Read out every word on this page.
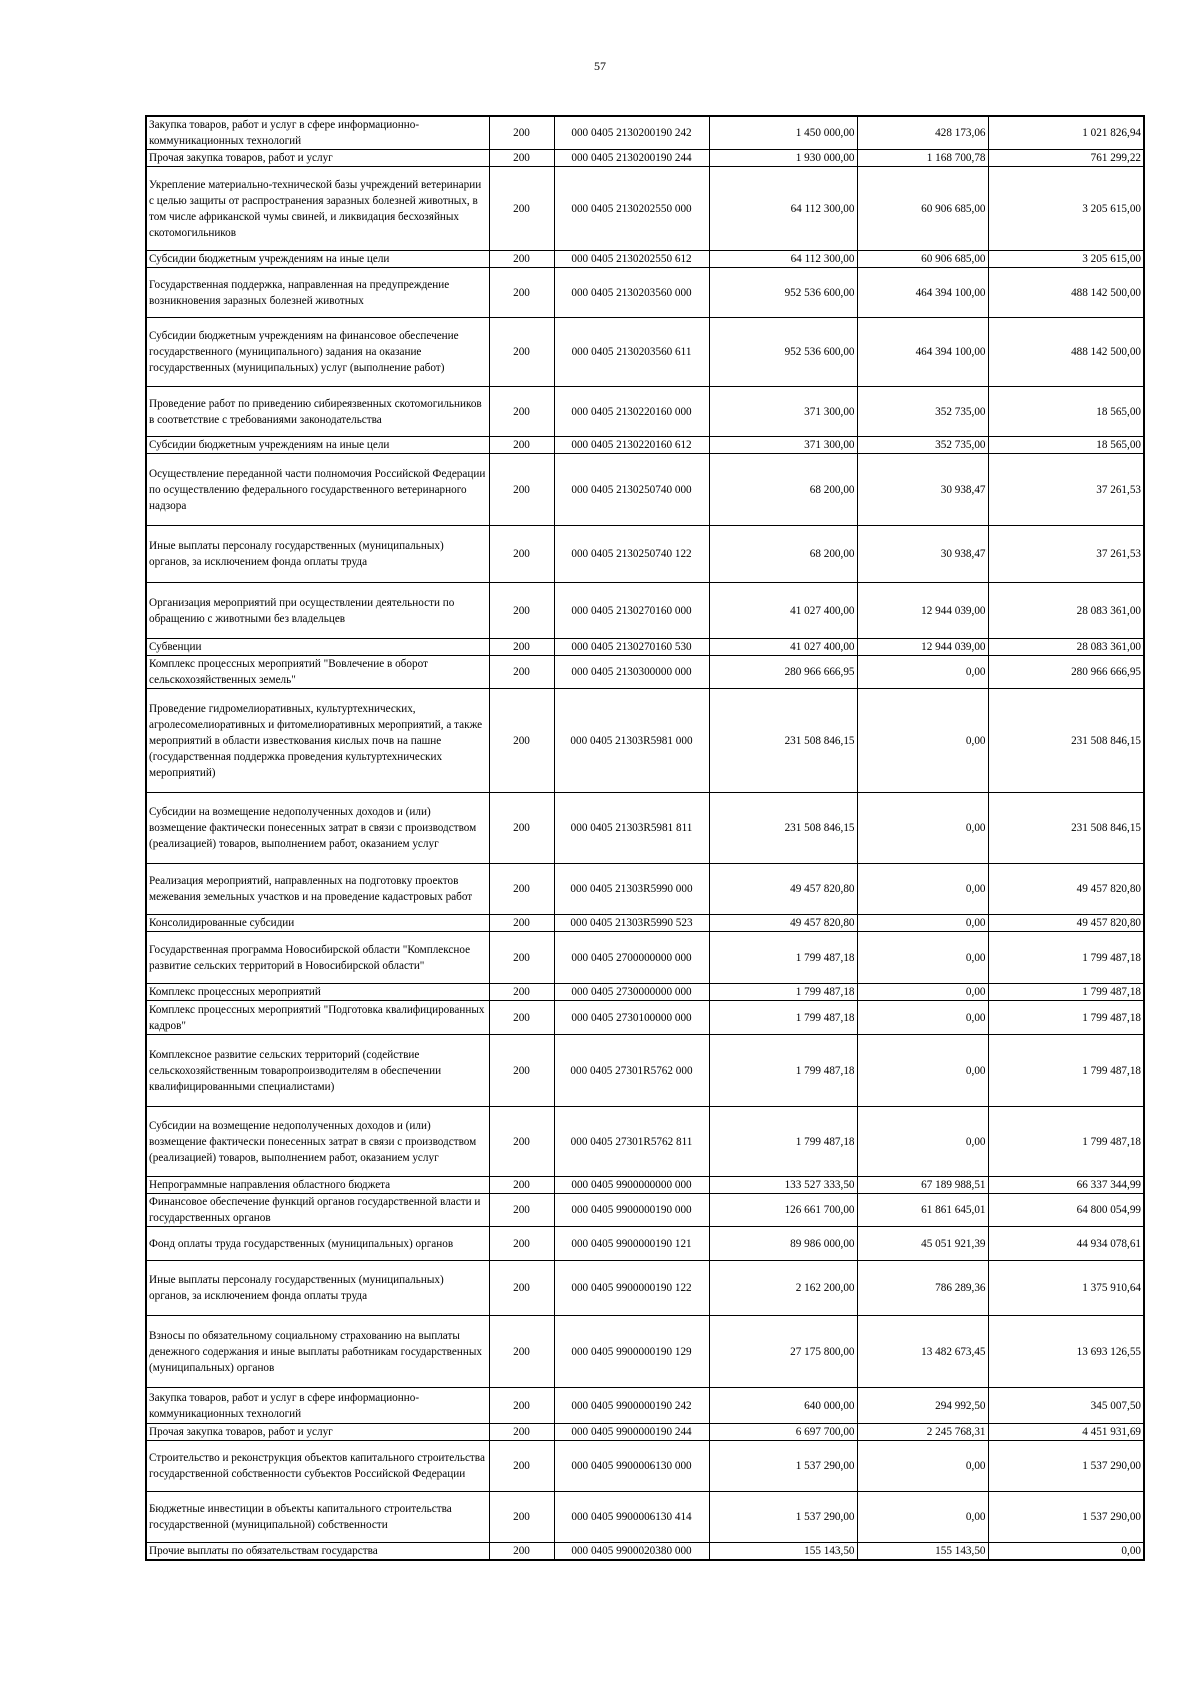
57
Закупка товаров, работ и услуг в сфере информационно-коммуникационных технологий	200	000 0405 2130200190 242	1 450 000,00	428 173,06	1 021 826,94
Прочая закупка товаров, работ и услуг	200	000 0405 2130200190 244	1 930 000,00	1 168 700,78	761 299,22
Укрепление материально-технической базы учреждений ветеринарии с целью защиты от распространения заразных болезней животных, в том числе африканской чумы свиней, и ликвидация бесхозяйных скотомогильников	200	000 0405 2130202550 000	64 112 300,00	60 906 685,00	3 205 615,00
Субсидии бюджетным учреждениям на иные цели	200	000 0405 2130202550 612	64 112 300,00	60 906 685,00	3 205 615,00
Государственная поддержка, направленная на предупреждение возникновения заразных болезней животных	200	000 0405 2130203560 000	952 536 600,00	464 394 100,00	488 142 500,00
Субсидии бюджетным учреждениям на финансовое обеспечение государственного (муниципального) задания на оказание государственных (муниципальных) услуг (выполнение работ)	200	000 0405 2130203560 611	952 536 600,00	464 394 100,00	488 142 500,00
Проведение работ по приведению сибиреязвенных скотомогильников в соответствие с требованиями законодательства	200	000 0405 2130220160 000	371 300,00	352 735,00	18 565,00
Субсидии бюджетным учреждениям на иные цели	200	000 0405 2130220160 612	371 300,00	352 735,00	18 565,00
Осуществление переданной части полномочия Российской Федерации по осуществлению федерального государственного ветеринарного надзора	200	000 0405 2130250740 000	68 200,00	30 938,47	37 261,53
Иные выплаты персоналу государственных (муниципальных) органов, за исключением фонда оплаты труда	200	000 0405 2130250740 122	68 200,00	30 938,47	37 261,53
Организация мероприятий при осуществлении деятельности по обращению с животными без владельцев	200	000 0405 2130270160 000	41 027 400,00	12 944 039,00	28 083 361,00
Субвенции	200	000 0405 2130270160 530	41 027 400,00	12 944 039,00	28 083 361,00
Комплекс процессных мероприятий "Вовлечение в оборот сельскохозяйственных земель"	200	000 0405 2130300000 000	280 966 666,95	0,00	280 966 666,95
Проведение гидромелиоративных, культуртехнических, агролесомелиоративных и фитомелиоративных мероприятий, а также мероприятий в области известкования кислых почв на пашне (государственная поддержка проведения культуртехнических мероприятий)	200	000 0405 21303R5981 000	231 508 846,15	0,00	231 508 846,15
Субсидии на возмещение недополученных доходов и (или) возмещение фактически понесенных затрат в связи с производством (реализацией) товаров, выполнением работ, оказанием услуг	200	000 0405 21303R5981 811	231 508 846,15	0,00	231 508 846,15
Реализация мероприятий, направленных на подготовку проектов межевания земельных участков и на проведение кадастровых работ	200	000 0405 21303R5990 000	49 457 820,80	0,00	49 457 820,80
Консолидированные субсидии	200	000 0405 21303R5990 523	49 457 820,80	0,00	49 457 820,80
Государственная программа Новосибирской области "Комплексное развитие сельских территорий в Новосибирской области"	200	000 0405 2700000000 000	1 799 487,18	0,00	1 799 487,18
Комплекс процессных мероприятий	200	000 0405 2730000000 000	1 799 487,18	0,00	1 799 487,18
Комплекс процессных мероприятий "Подготовка квалифицированных кадров"	200	000 0405 2730100000 000	1 799 487,18	0,00	1 799 487,18
Комплексное развитие сельских территорий (содействие сельскохозяйственным товаропроизводителям в обеспечении квалифицированными специалистами)	200	000 0405 27301R5762 000	1 799 487,18	0,00	1 799 487,18
Субсидии на возмещение недополученных доходов и (или) возмещение фактически понесенных затрат в связи с производством (реализацией) товаров, выполнением работ, оказанием услуг	200	000 0405 27301R5762 811	1 799 487,18	0,00	1 799 487,18
Непрограммные направления областного бюджета	200	000 0405 9900000000 000	133 527 333,50	67 189 988,51	66 337 344,99
Финансовое обеспечение функций органов государственной власти и государственных органов	200	000 0405 9900000190 000	126 661 700,00	61 861 645,01	64 800 054,99
Фонд оплаты труда государственных (муниципальных) органов	200	000 0405 9900000190 121	89 986 000,00	45 051 921,39	44 934 078,61
Иные выплаты персоналу государственных (муниципальных) органов, за исключением фонда оплаты труда	200	000 0405 9900000190 122	2 162 200,00	786 289,36	1 375 910,64
Взносы по обязательному социальному страхованию на выплаты денежного содержания и иные выплаты работникам государственных (муниципальных) органов	200	000 0405 9900000190 129	27 175 800,00	13 482 673,45	13 693 126,55
Закупка товаров, работ и услуг в сфере информационно-коммуникационных технологий	200	000 0405 9900000190 242	640 000,00	294 992,50	345 007,50
Прочая закупка товаров, работ и услуг	200	000 0405 9900000190 244	6 697 700,00	2 245 768,31	4 451 931,69
Строительство и реконструкция объектов капитального строительства государственной собственности субъектов Российской Федерации	200	000 0405 9900006130 000	1 537 290,00	0,00	1 537 290,00
Бюджетные инвестиции в объекты капитального строительства государственной (муниципальной) собственности	200	000 0405 9900006130 414	1 537 290,00	0,00	1 537 290,00
Прочие выплаты по обязательствам государства	200	000 0405 9900020380 000	155 143,50	155 143,50	0,00
